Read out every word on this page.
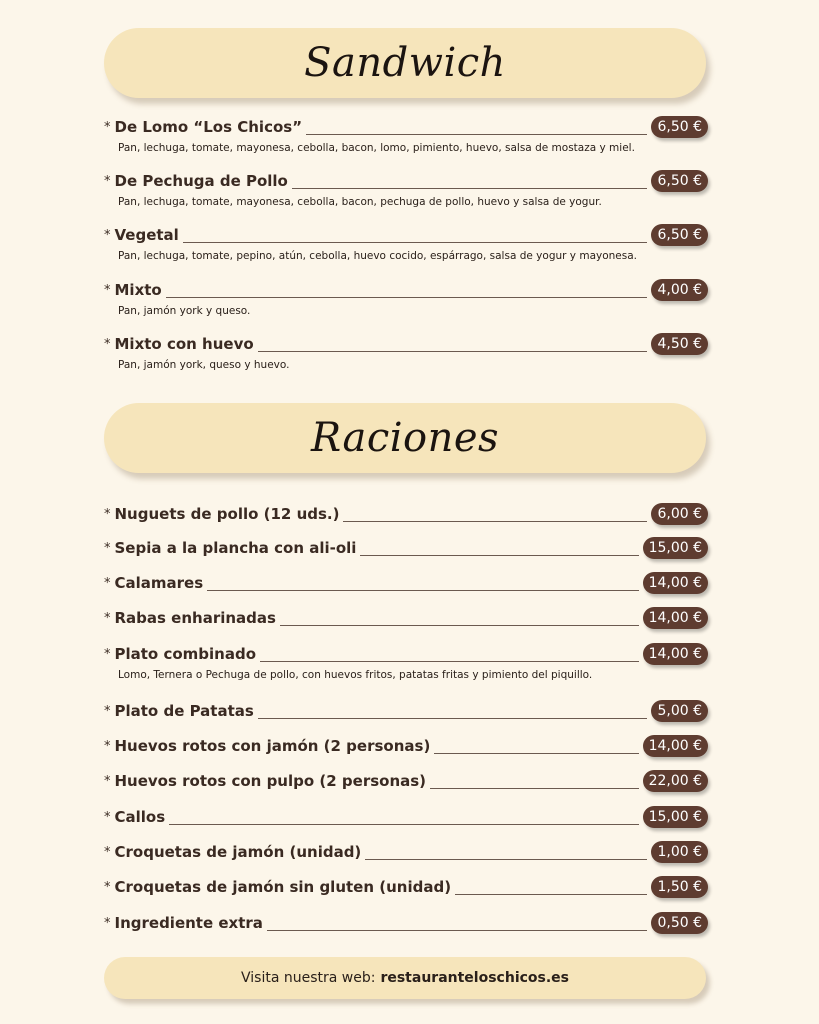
Sandwich
* De Lomo “Los Chicos”	6,50 €
Pan, lechuga, tomate, mayonesa, cebolla, bacon, lomo, pimiento, huevo, salsa de mostaza y miel.
* De Pechuga de Pollo	6,50 €
Pan, lechuga, tomate, mayonesa, cebolla, bacon, pechuga de pollo, huevo y salsa de yogur.
* Vegetal	6,50 €
Pan, lechuga, tomate, pepino, atún, cebolla, huevo cocido, espárrago, salsa de yogur y mayonesa.
* Mixto	4,00 €
Pan, jamón york y queso.
* Mixto con huevo	4,50 €
Pan, jamón york, queso y huevo.
Raciones
* Nuguets de pollo (12 uds.)	6,00 €
* Sepia a la plancha con ali-oli	15,00 €
* Calamares	14,00 €
* Rabas enharinadas	14,00 €
* Plato combinado	14,00 €
Lomo, Ternera o Pechuga de pollo, con huevos fritos, patatas fritas y pimiento del piquillo.
* Plato de Patatas	5,00 €
* Huevos rotos con jamón (2 personas)	14,00 €
* Huevos rotos con pulpo (2 personas)	22,00 €
* Callos	15,00 €
* Croquetas de jamón (unidad)	1,00 €
* Croquetas de jamón sin gluten (unidad)	1,50 €
* Ingrediente extra	0,50 €
Visita nuestra web: restauranteloschicos.es
